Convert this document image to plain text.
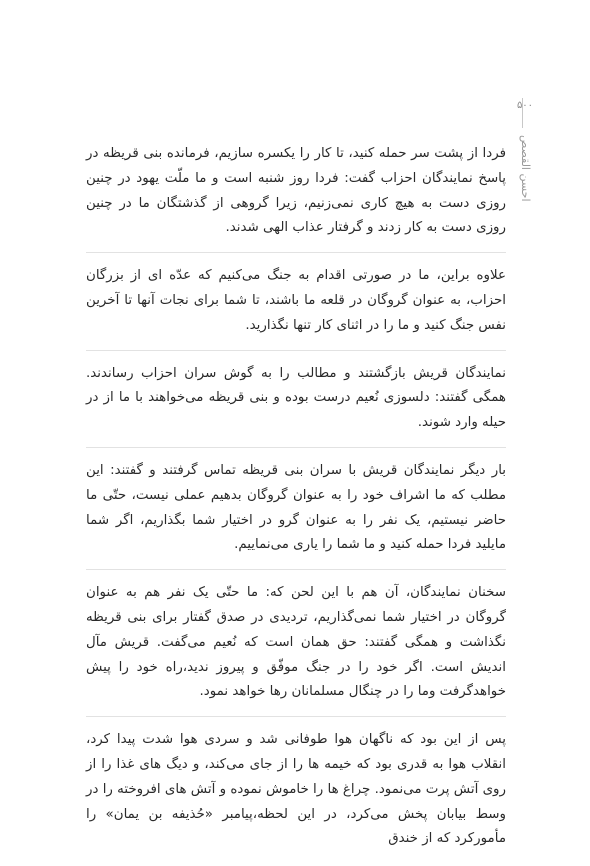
۵۰۰
احسن القصص

فردا از پشت سر حمله کنید، تا کار را یکسره سازیم، فرمانده بنی قریظه در پاسخ نمایندگان احزاب گفت: فردا روز شنبه است و ما ملّت یهود در چنین روزی دست به هیچ کاری نمی‌زنیم، زیرا گروهی از گذشتگان ما در چنین روزی دست به کار زدند و گرفتار عذاب الهی شدند.

علاوه براین، ما در صورتی اقدام به جنگ می‌کنیم که عدّه ای از بزرگان احزاب، به عنوان گروگان در قلعه ما باشند، تا شما برای نجات آنها تا آخرین نفس جنگ کنید و ما را در اثنای کار تنها نگذارید.

نمایندگان قریش بازگشتند و مطالب را به گوش سران احزاب رساندند. همگی گفتند: دلسوزی نُعیم درست بوده و بنی قریظه می‌خواهند با ما از در حیله وارد شوند.

بار دیگر نمایندگان قریش با سران بنی قریظه تماس گرفتند و گفتند: این مطلب که ما اشراف خود را به عنوان گروگان بدهیم عملی نیست، حتّی ما حاضر نیستیم، یک نفر را به عنوان گرو در اختیار شما بگذاریم، اگر شما مایلید فردا حمله کنید و ما شما را یاری می‌نماییم.

سخنان نمایندگان، آن هم با این لحن که: ما حتّی یک نفر هم به عنوان گروگان در اختیار شما نمی‌گذاریم، تردیدی در صدق گفتار برای بنی قریظه نگذاشت و همگی گفتند: حق همان است که نُعیم می‌گفت. قریش مآل اندیش است. اگر خود را در جنگ موفّق و پیروز ندید،راه خود را پیش خواهدگرفت وما را در چنگال مسلمانان رها خواهد نمود.

پس از این بود که ناگهان هوا طوفانی شد و سردی هوا شدت پیدا کرد، انقلاب هوا به قدری بود که خیمه ها را از جای می‌کند، و دیگ های غذا را از روی آتش پرت می‌نمود. چراغ ها را خاموش نموده و آتش های افروخته را در وسط بیابان پخش می‌کرد، در این لحظه،پیامبر «حُذیفه بن یمان» را مأمورکرد که از خندق
